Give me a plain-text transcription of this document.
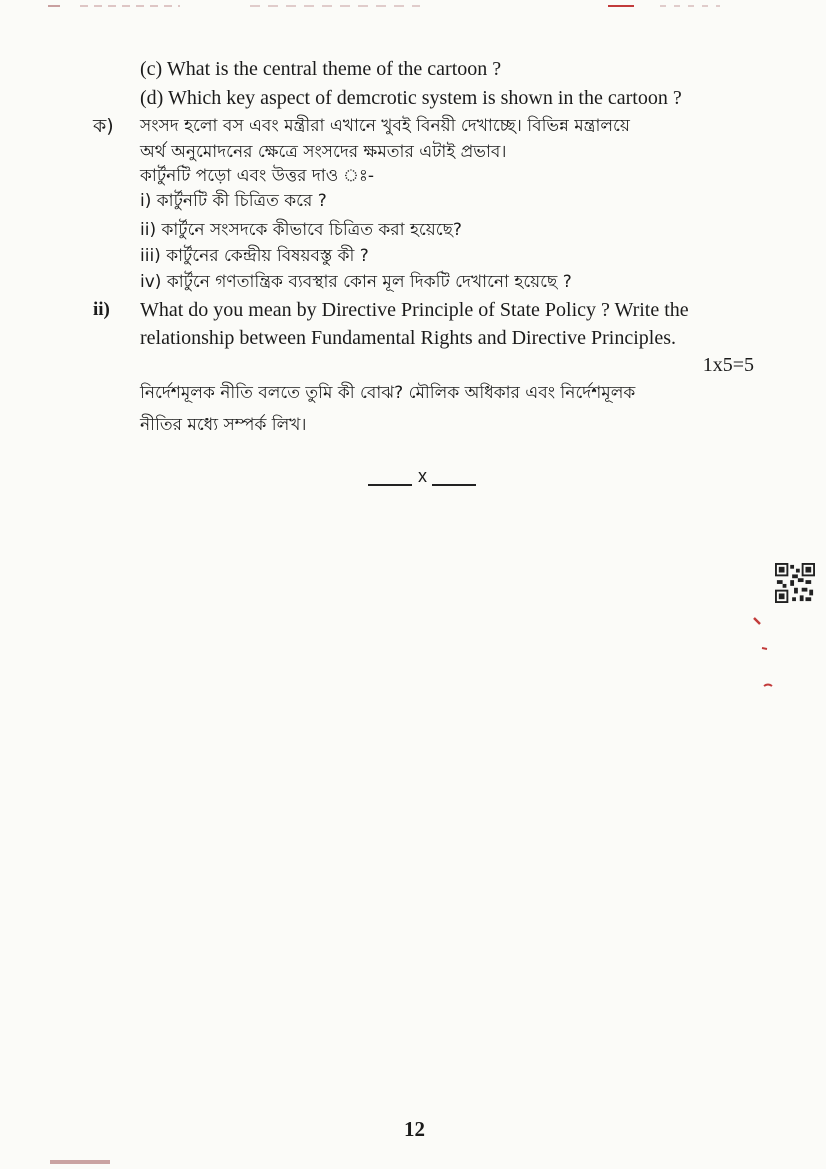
(c) What is the central theme of the cartoon ?
(d) Which key aspect of demcrotic system is shown in the cartoon ?
ক) সংসদ হলো বস এবং মন্ত্রীরা এখানে খুবই বিনয়ী দেখাচ্ছে। বিভিন্ন মন্ত্রালয়ে
অর্থ অনুমোদনের ক্ষেত্রে সংসদের ক্ষমতার এটাই প্রভাব।
কার্টুনটি পড়ো এবং উত্তর দাও ঃ-
i) কার্টুনটি কী চিত্রিত করে ?
ii) কার্টুনে সংসদকে কীভাবে চিত্রিত করা হয়েছে?
iii) কার্টুনের কেন্দ্রীয় বিষয়বস্তু কী ?
iv) কার্টুনে গণতান্ত্রিক ব্যবস্থার কোন মূল দিকটি দেখানো হয়েছে ?
ii) What do you mean by Directive Principle of State Policy ? Write the
relationship between Fundamental Rights and Directive Principles.
1x5=5
নির্দেশমূলক নীতি বলতে তুমি কী বোঝ? মৌলিক অধিকার এবং নির্দেশমূলক
নীতির মধ্যে সম্পর্ক লিখ।
x
12
